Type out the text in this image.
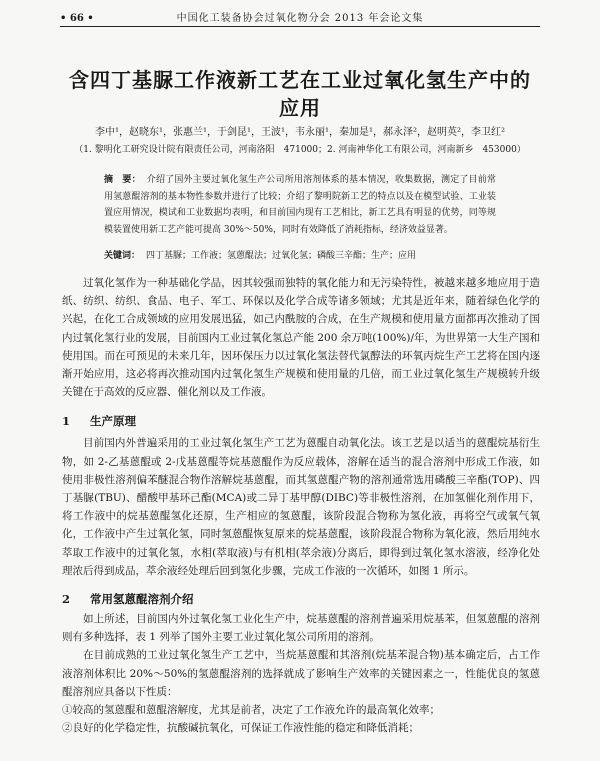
• 66 •	中国化工装备协会过氧化物分会 2013 年会论文集
含四丁基脲工作液新工艺在工业过氧化氢生产中的应用
李中¹，赵晓东¹，张惠兰¹，于剑昆¹，王波¹，韦永丽¹，秦加是¹，郝永泽²，赵明英²，李卫红²
（1. 黎明化工研究设计院有限责任公司，河南洛阳　471000；2. 河南神华化工有限公司，河南新乡　453000）
摘　要： 介绍了国外主要过氧化氢生产公司所用溶剂体系的基本情况，收集数据，测定了目前常用氢蒽醌溶剂的基本物性参数并进行了比较；介绍了黎明院新工艺的特点以及在模型试验、工业装置应用情况，模试和工业数据均表明，和目前国内现有工艺相比，新工艺具有明显的优势，同等规模装置使用新工艺产能可提高 30%～50%，同时有效降低了消耗指标，经济效益显著。
关键词： 四丁基脲；工作液；氢蒽醌法；过氧化氢；磷酸三辛酯；生产；应用

过氧化氢作为一种基础化学品，因其较强而独特的氧化能力和无污染特性，被越来越多地应用于造纸、纺织、纺织、食品、电子、军工、环保以及化学合成等诸多领域；尤其是近年来，随着绿色化学的兴起，在化工合成领域的应用发展迅猛，如己内酰胺的合成，在生产规模和使用量方面都再次推动了国内过氧化氢行业的发展，目前国内工业过氧化氢总产能 200 余万吨(100%)/年，为世界第一大生产国和使用国。而在可预见的未来几年，因环保压力以过氧化氢法替代氯醇法的环氧丙烷生产工艺将在国内逐渐开始应用，这必将再次推动国内过氧化氢生产规模和使用量的几倍，而工业过氧化氢生产规模转升级关键在于高效的反应器、催化剂以及工作液。

1 生产原理

目前国内外普遍采用的工业过氧化氢生产工艺为蒽醌自动氧化法。该工艺是以适当的蒽醌烷基衍生物，如 2-乙基蒽醌或 2-戊基蒽醌等烷基蒽醌作为反应载体，溶解在适当的混合溶剂中形成工作液，如使用非极性溶剂偏苯醚混合物作溶解烷基蒽醌，而其氢蒽醌产物的溶剂通常选用磷酸三辛酯(TOP)、四丁基脲(TBU)、醋酸甲基环己酯(MCA)或二异丁基甲醇(DIBC)等非极性溶剂，在加氢催化剂作用下，将工作液中的烷基蒽醌氢化还原，生产相应的氢蒽醌，该阶段混合物称为氢化液，再将空气或氧气氧化，工作液中产生过氧化氢，同时氢蒽醌恢复原来的烷基蒽醌，该阶段混合物称为氧化液，然后用纯水萃取工作液中的过氧化氢，水相(萃取液)与有机相(萃余液)分离后，即得到过氧化氢水溶液，经净化处理浓后得到成品，萃余液经处理后回到氢化步骤，完成工作液的一次循环，如图 1 所示。

2 常用氢蒽醌溶剂介绍

如上所述，目前国内外过氧化氢工业化生产中，烷基蒽醌的溶剂普遍采用烷基苯，但氢蒽醌的溶剂则有多种选择，表 1 列举了国外主要工业过氧化氢公司所用的溶剂。

在目前成熟的工业过氧化氢生产工艺中，当烷基蒽醌和其溶剂(烷基苯混合物)基本确定后，占工作液溶剂体积比 20%～50%的氢蒽醌溶剂的选择就成了影响生产效率的关键因素之一，性能优良的氢蒽醌溶剂应具备以下性质：

①较高的氢蒽醌和蒽醌溶解度，尤其是前者，决定了工作液允许的最高氧化效率；

②良好的化学稳定性，抗酸碱抗氧化，可保证工作液性能的稳定和降低消耗；
